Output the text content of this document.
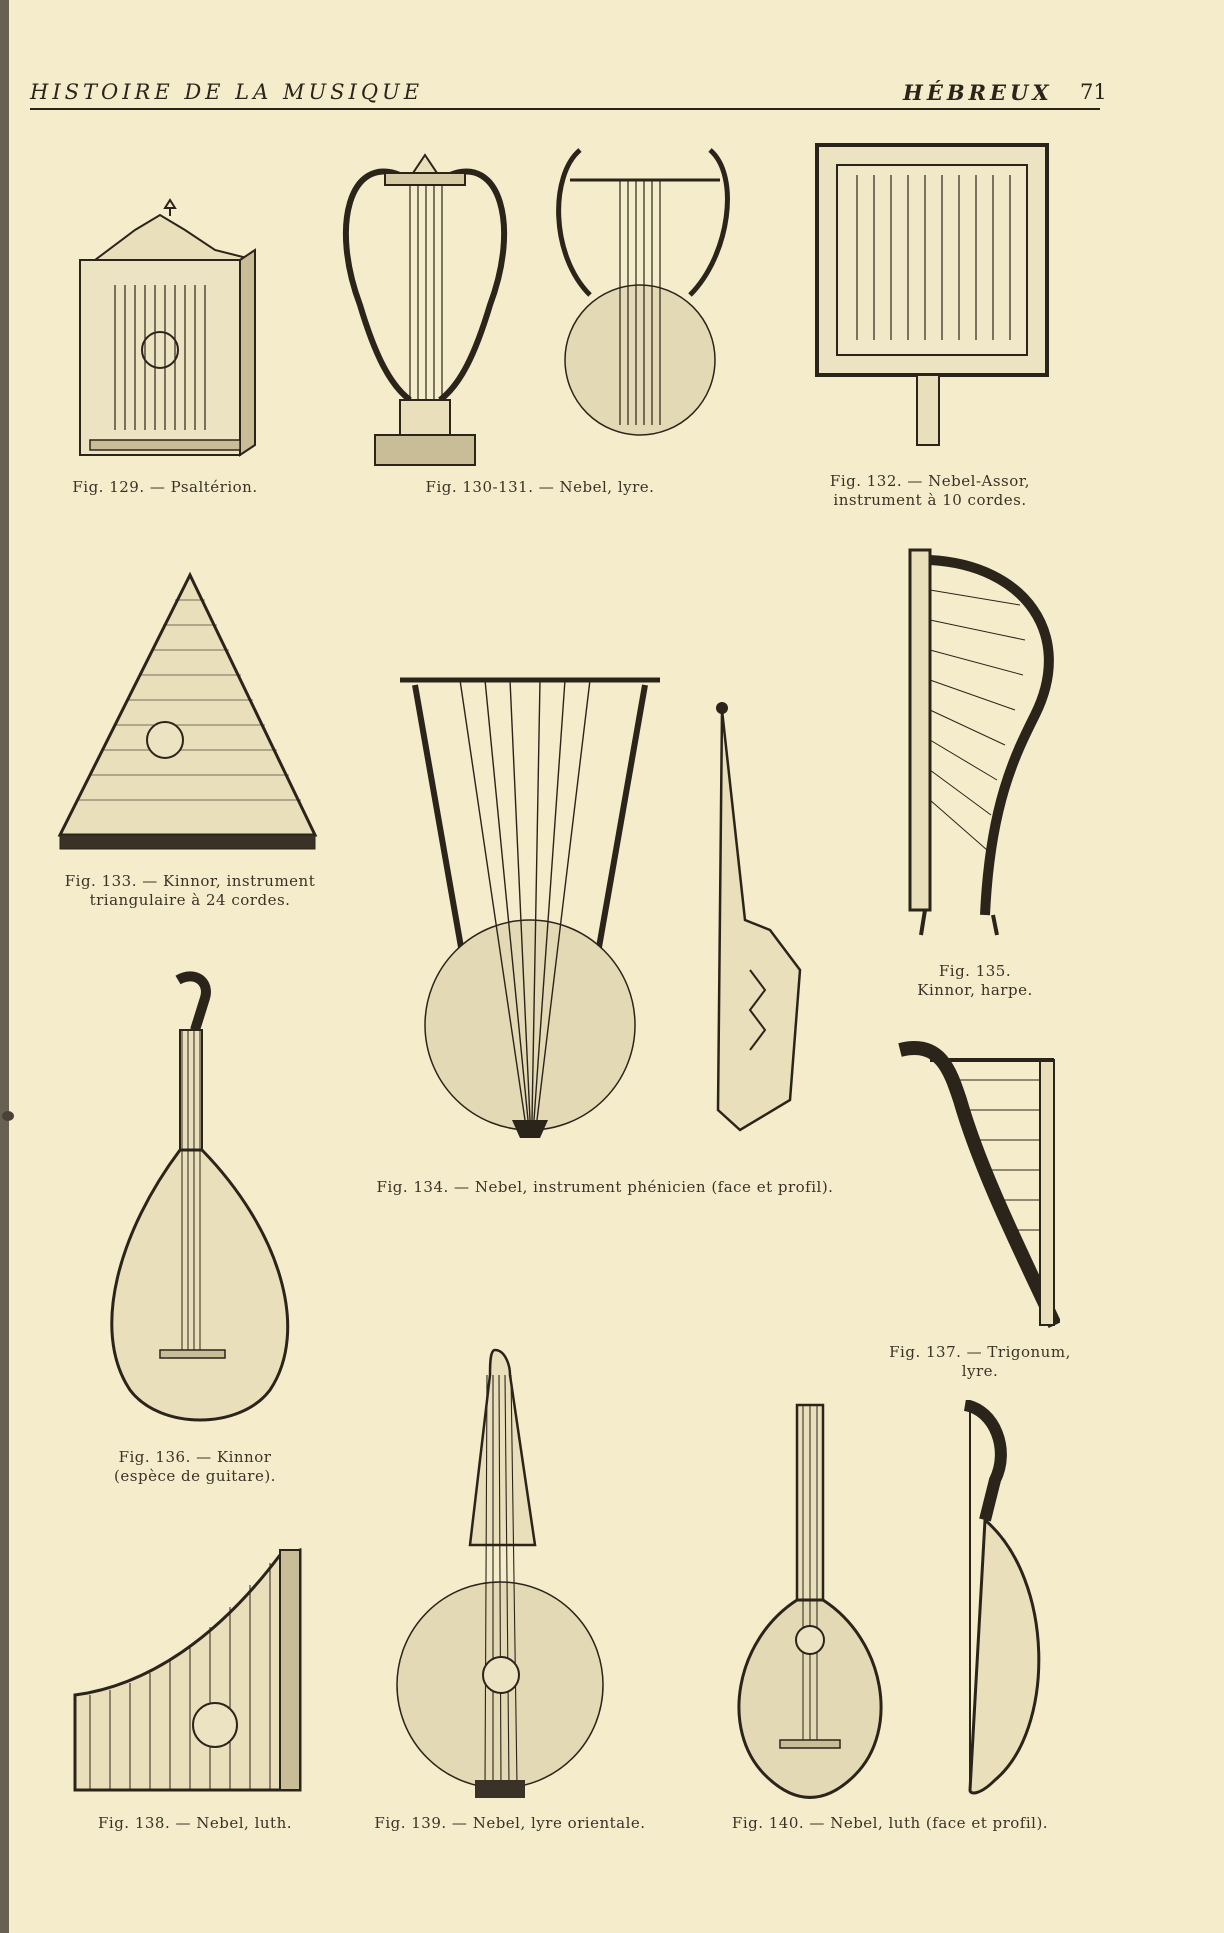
HISTOIRE DE LA MUSIQUE	HÉBREUX 71
Fig. 129. — Psaltérion.	Fig. 130-131. — Nebel, lyre.	Fig. 132. — Nebel-Assor,
instrument à 10 cordes.
Fig. 133. — Kinnor, instrument
triangulaire à 24 cordes.
Fig. 134. — Nebel, instrument phénicien (face et profil).
Fig. 135.
Kinnor, harpe.
Fig. 136. — Kinnor
(espèce de guitare).
Fig. 137. — Trigonum,
lyre.
Fig. 138. — Nebel, luth.	Fig. 139. — Nebel, lyre orientale.	Fig. 140. — Nebel, luth (face et profil).
